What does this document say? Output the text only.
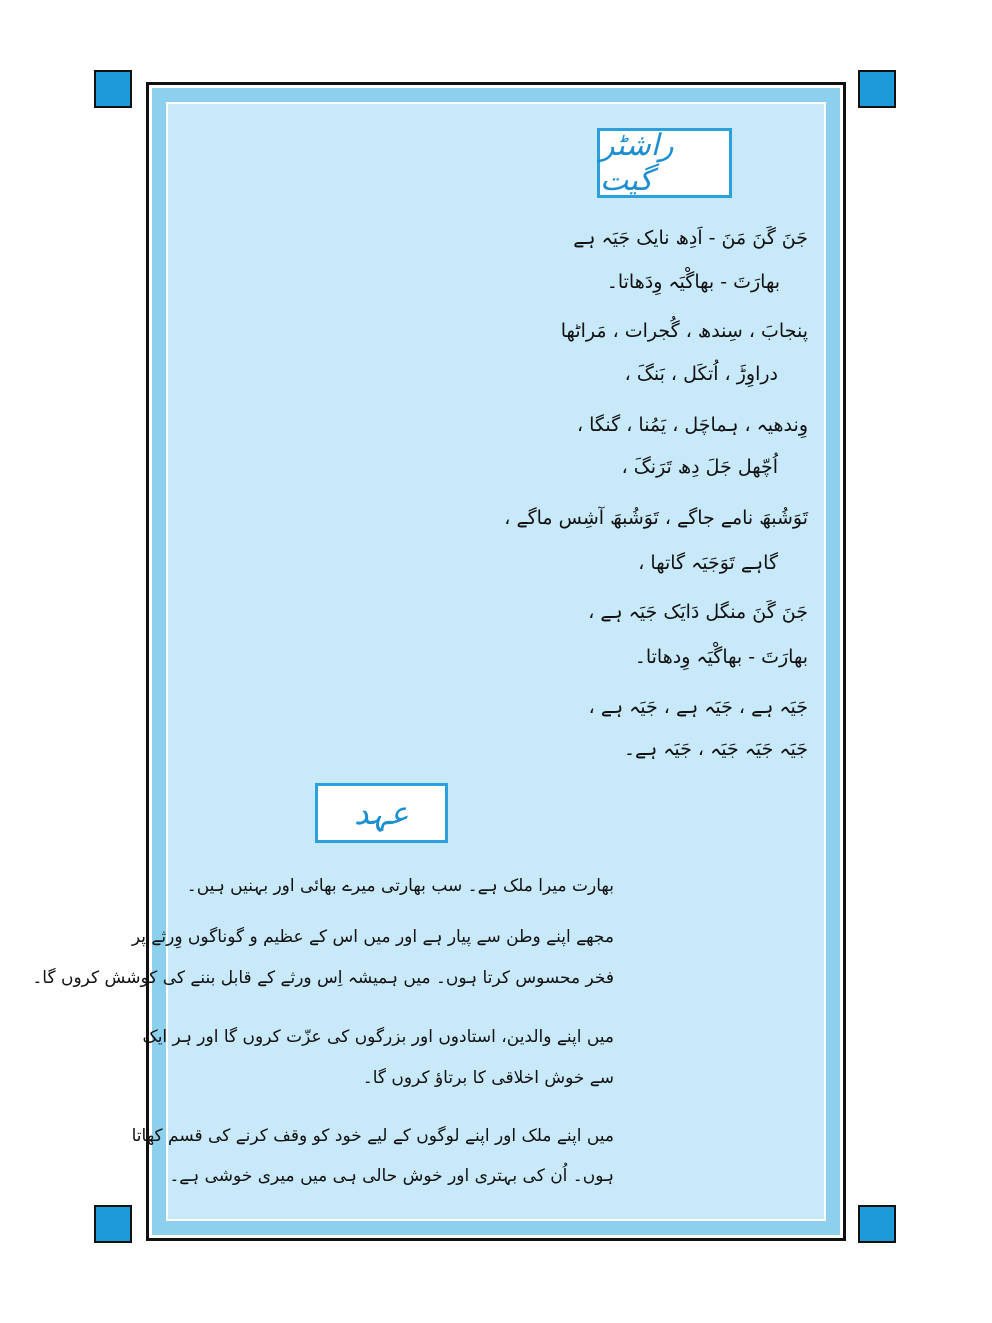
راشٹر گیت
جَنَ گَنَ مَنَ - اَدِھ نایک جَیَہ ہے
بھارَتَ - بھاگْیَہ وِدَھاتا۔
پنجابَ ، سِندھ ، گُجرات ، مَراٹھا
دراوِڑَ ، اُتکَل ، بَنگَ ،
وِندھیہ ، ہماچَل ، یَمُنا ، گنگا ،
اُچّھل جَلَ دِھ تَرَنگَ ،
تَوَشُبھَ نامے جاگے ، تَوَشُبھَ آشِس ماگے ،
گاہے تَوَجَیَہ گاتھا ،
جَنَ گَنَ منگل دَایَک جَیَہ ہے ،
بھارَتَ - بھاگْیَہ وِدھاتا۔
جَیَہ ہے ، جَیَہ ہے ، جَیَہ ہے ،
جَیَہ جَیَہ جَیَہ ، جَیَہ ہے۔
عہد
بھارت میرا ملک ہے۔ سب بھارتی میرے بھائی اور بہنیں ہیں۔
مجھے اپنے وطن سے پیار ہے اور میں اس کے عظیم و گوناگوں وِرثے پر
فخر محسوس کرتا ہوں۔ میں ہمیشہ اِس ورثے کے قابل بننے کی کوشش کروں گا۔
میں اپنے والدین، استادوں اور بزرگوں کی عزّت کروں گا اور ہر ایک
سے خوش اخلاقی کا برتاؤ کروں گا۔
میں اپنے ملک اور اپنے لوگوں کے لیے خود کو وقف کرنے کی قسم کھاتا
ہوں۔ اُن کی بہتری اور خوش حالی ہی میں میری خوشی ہے۔
